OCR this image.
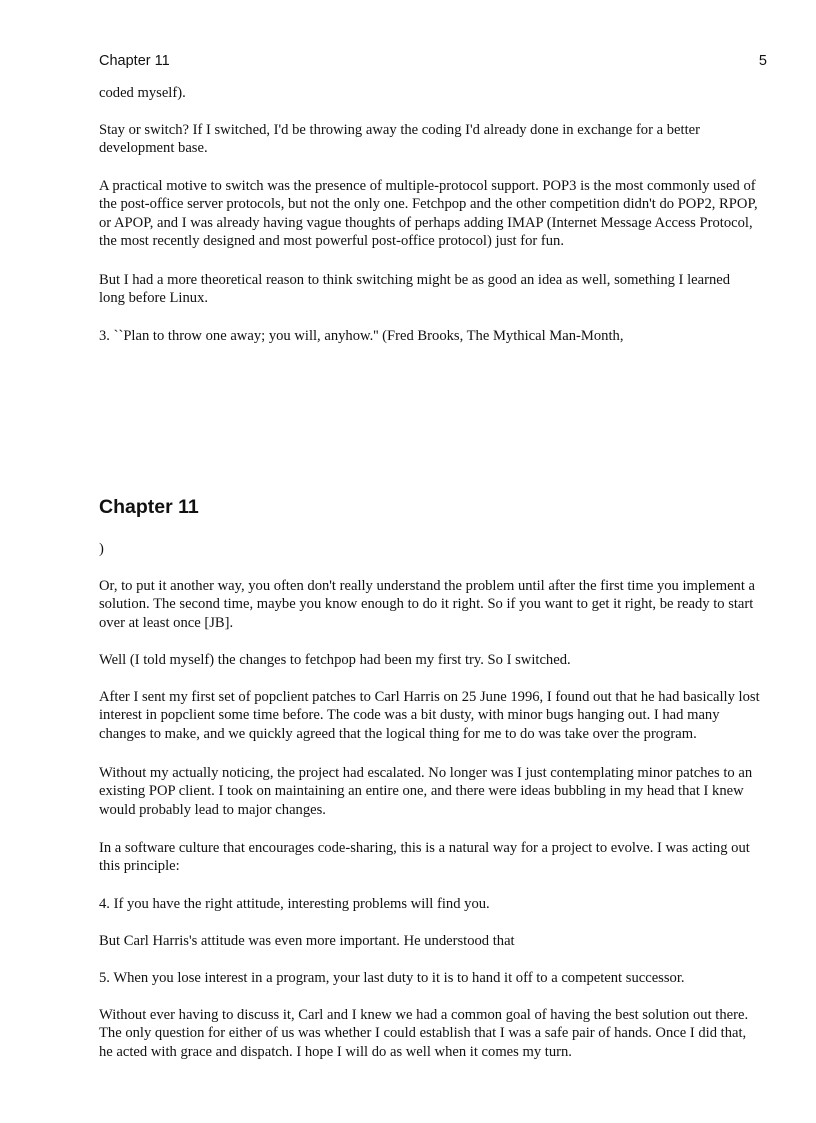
Chapter 11	5

coded myself).

Stay or switch? If I switched, I'd be throwing away the coding I'd already done in exchange for a better development base.

A practical motive to switch was the presence of multiple-protocol support. POP3 is the most commonly used of the post-office server protocols, but not the only one. Fetchpop and the other competition didn't do POP2, RPOP, or APOP, and I was already having vague thoughts of perhaps adding IMAP (Internet Message Access Protocol, the most recently designed and most powerful post-office protocol) just for fun.

But I had a more theoretical reason to think switching might be as good an idea as well, something I learned long before Linux.

3. ``Plan to throw one away; you will, anyhow.'' (Fred Brooks, The Mythical Man-Month,

Chapter 11

)

Or, to put it another way, you often don't really understand the problem until after the first time you implement a solution. The second time, maybe you know enough to do it right. So if you want to get it right, be ready to start over at least once [JB].

Well (I told myself) the changes to fetchpop had been my first try. So I switched.

After I sent my first set of popclient patches to Carl Harris on 25 June 1996, I found out that he had basically lost interest in popclient some time before. The code was a bit dusty, with minor bugs hanging out. I had many changes to make, and we quickly agreed that the logical thing for me to do was take over the program.

Without my actually noticing, the project had escalated. No longer was I just contemplating minor patches to an existing POP client. I took on maintaining an entire one, and there were ideas bubbling in my head that I knew would probably lead to major changes.

In a software culture that encourages code-sharing, this is a natural way for a project to evolve. I was acting out this principle:

4. If you have the right attitude, interesting problems will find you.

But Carl Harris's attitude was even more important. He understood that

5. When you lose interest in a program, your last duty to it is to hand it off to a competent successor.

Without ever having to discuss it, Carl and I knew we had a common goal of having the best solution out there. The only question for either of us was whether I could establish that I was a safe pair of hands. Once I did that, he acted with grace and dispatch. I hope I will do as well when it comes my turn.
